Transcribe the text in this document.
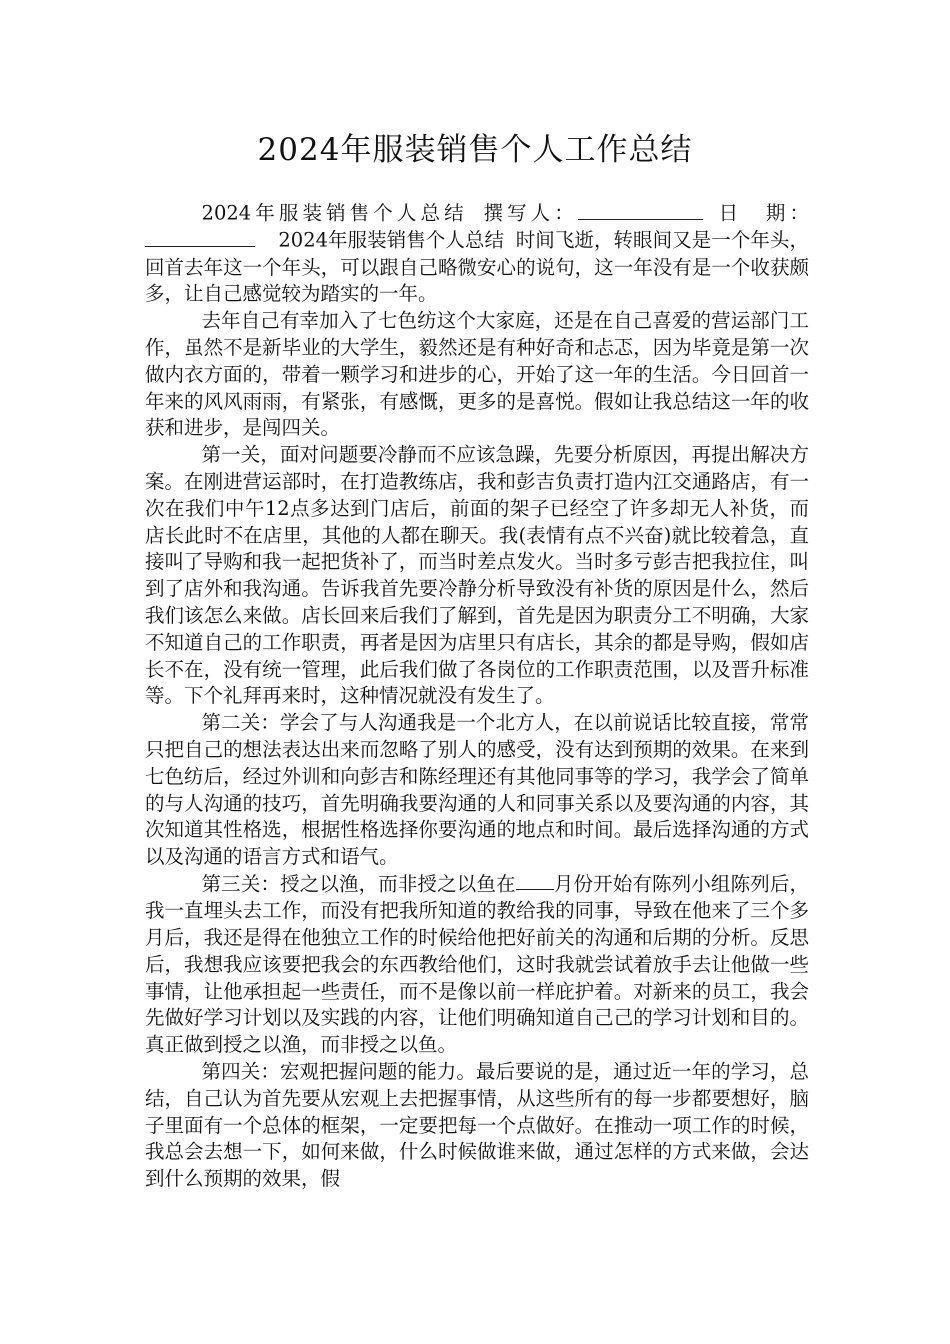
2024年服装销售个人工作总结

2024年服装销售个人总结 撰写人：	日　期：2024年服装销售个人总结 时间飞逝，转眼间又是一个年头，回首去年这一个年头，可以跟自己略微安心的说句，这一年没有是一个收获颇多，让自己感觉较为踏实的一年。

去年自己有幸加入了七色纺这个大家庭，还是在自己喜爱的营运部门工作，虽然不是新毕业的大学生，毅然还是有种好奇和忐忑，因为毕竟是第一次做内衣方面的，带着一颗学习和进步的心，开始了这一年的生活。今日回首一年来的风风雨雨，有紧张，有感慨，更多的是喜悦。假如让我总结这一年的收获和进步，是闯四关。

第一关，面对问题要冷静而不应该急躁，先要分析原因，再提出解决方案。在刚进营运部时，在打造教练店，我和彭吉负责打造内江交通路店，有一次在我们中午12点多达到门店后，前面的架子已经空了许多却无人补货，而店长此时不在店里，其他的人都在聊天。我(表情有点不兴奋)就比较着急，直接叫了导购和我一起把货补了，而当时差点发火。当时多亏彭吉把我拉住，叫到了店外和我沟通。告诉我首先要冷静分析导致没有补货的原因是什么，然后我们该怎么来做。店长回来后我们了解到，首先是因为职责分工不明确，大家不知道自己的工作职责，再者是因为店里只有店长，其余的都是导购，假如店长不在，没有统一管理，此后我们做了各岗位的工作职责范围，以及晋升标准等。下个礼拜再来时，这种情况就没有发生了。

第二关：学会了与人沟通我是一个北方人，在以前说话比较直接，常常只把自己的想法表达出来而忽略了别人的感受，没有达到预期的效果。在来到七色纺后，经过外训和向彭吉和陈经理还有其他同事等的学习，我学会了简单的与人沟通的技巧，首先明确我要沟通的人和同事关系以及要沟通的内容，其次知道其性格选，根据性格选择你要沟通的地点和时间。最后选择沟通的方式以及沟通的语言方式和语气。

第三关：授之以渔，而非授之以鱼在 月份开始有陈列小组陈列后，我一直埋头去工作，而没有把我所知道的教给我的同事，导致在他来了三个多月后，我还是得在他独立工作的时候给他把好前关的沟通和后期的分析。反思后，我想我应该要把我会的东西教给他们，这时我就尝试着放手去让他做一些事情，让他承担起一些责任，而不是像以前一样庇护着。对新来的员工，我会先做好学习计划以及实践的内容，让他们明确知道自己己的学习计划和目的。真正做到授之以渔，而非授之以鱼。

第四关：宏观把握问题的能力。最后要说的是，通过近一年的学习，总结，自己认为首先要从宏观上去把握事情，从这些所有的每一步都要想好，脑子里面有一个总体的框架，一定要把每一个点做好。在推动一项工作的时候，我总会去想一下，如何来做，什么时候做谁来做，通过怎样的方式来做，会达到什么预期的效果，假
